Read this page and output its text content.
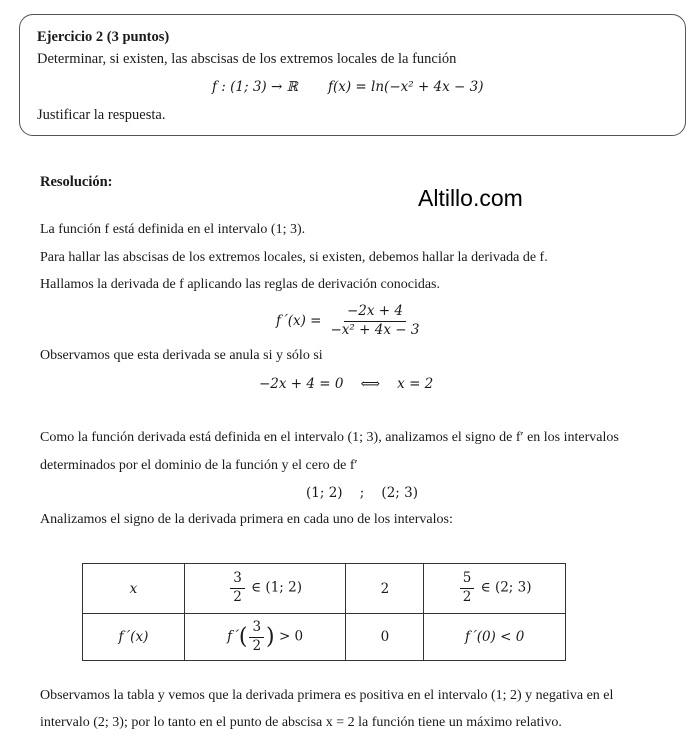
Ejercicio 2 (3 puntos)
Determinar, si existen, las abscisas de los extremos locales de la función
f : (1; 3) → ℝ f(x) = ln(−x² + 4x − 3)
Justificar la respuesta.
Resolución:
Altillo.com
La función f está definida en el intervalo (1; 3).
Para hallar las abscisas de los extremos locales, si existen, debemos hallar la derivada de f.
Hallamos la derivada de f aplicando las reglas de derivación conocidas.
f´(x) = $\frac{-2x + 4}{\text{−x² + 4x − 3}}$
Observamos que esta derivada se anula si y sólo si
−2x + 4 = 0    ⟺    x = 2
Como la función derivada está definida en el intervalo (1; 3), analizamos el signo de f′ en los intervalos
determinados por el dominio de la función y el cero de f′
(1; 2)    ;    (2; 3)
Analizamos el signo de la derivada primera en cada uno de los intervalos:
x	$\frac{3}{2}$ ∈ (1; 2)	2	$\frac{5}{2}$ ∈ (2; 3)
f´(x)	f´( $\frac{3}{2}$ ) > 0	0	f´(0) < 0
Observamos la tabla y vemos que la derivada primera es positiva en el intervalo (1; 2) y negativa en el
intervalo (2; 3); por lo tanto en el punto de abscisa x = 2 la función tiene un máximo relativo.
